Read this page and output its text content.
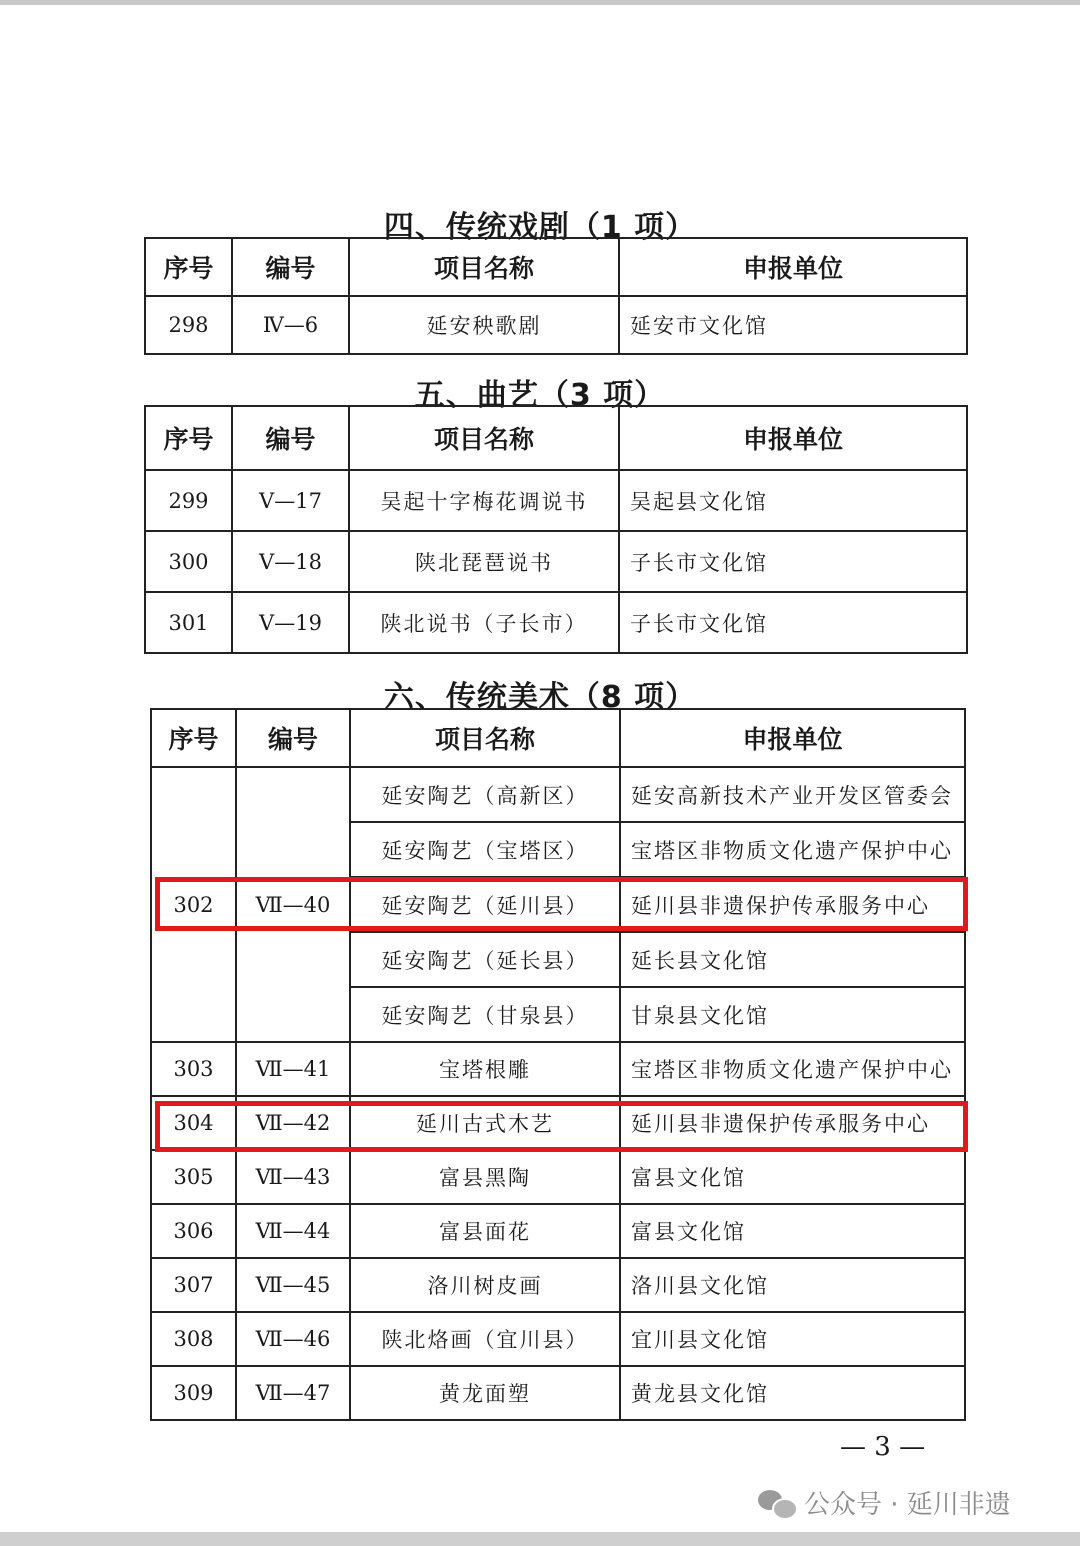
四、传统戏剧（1 项）
序号	编号	项目名称	申报单位
298	Ⅳ—6	延安秧歌剧	延安市文化馆
五、曲艺（3 项）
序号	编号	项目名称	申报单位
299	Ⅴ—17	吴起十字梅花调说书	吴起县文化馆
300	Ⅴ—18	陕北琵琶说书	子长市文化馆
301	Ⅴ—19	陕北说书（子长市）	子长市文化馆
六、传统美术（8 项）
序号	编号	项目名称	申报单位
302	Ⅶ—40	延安陶艺（高新区）	延安高新技术产业开发区管委会
		延安陶艺（宝塔区）	宝塔区非物质文化遗产保护中心
		延安陶艺（延川县）	延川县非遗保护传承服务中心
		延安陶艺（延长县）	延长县文化馆
		延安陶艺（甘泉县）	甘泉县文化馆
303	Ⅶ—41	宝塔根雕	宝塔区非物质文化遗产保护中心
304	Ⅶ—42	延川古式木艺	延川县非遗保护传承服务中心
305	Ⅶ—43	富县黑陶	富县文化馆
306	Ⅶ—44	富县面花	富县文化馆
307	Ⅶ—45	洛川树皮画	洛川县文化馆
308	Ⅶ—46	陕北烙画（宜川县）	宜川县文化馆
309	Ⅶ—47	黄龙面塑	黄龙县文化馆
— 3 —
公众号 · 延川非遗
